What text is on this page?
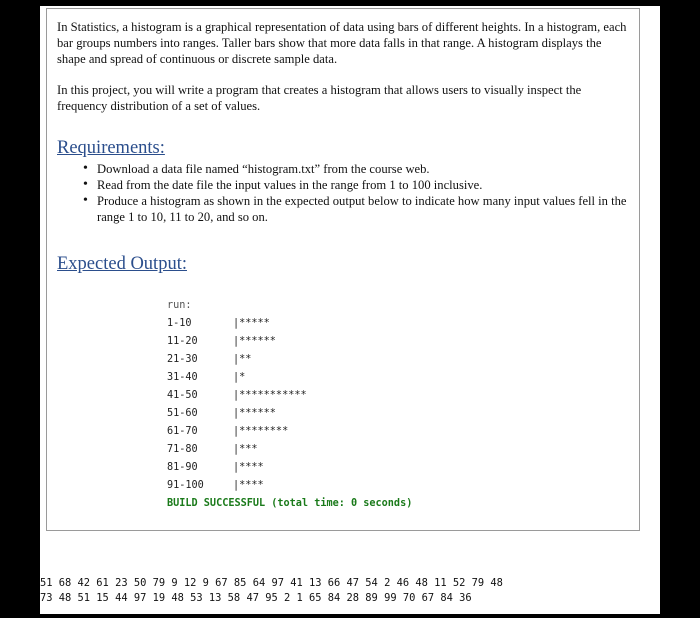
In Statistics, a histogram is a graphical representation of data using bars of different heights. In a histogram, each bar groups numbers into ranges. Taller bars show that more data falls in that range. A histogram displays the shape and spread of continuous or discrete sample data.

In this project, you will write a program that creates a histogram that allows users to visually inspect the frequency distribution of a set of values.

Requirements:
• Download a data file named “histogram.txt” from the course web.
• Read from the date file the input values in the range from 1 to 100 inclusive.
• Produce a histogram as shown in the expected output below to indicate how many input values fell in the range 1 to 10, 11 to 20, and so on.
Expected Output:
run:
1-10	|*****
11-20	|******
21-30	|**
31-40	|*
41-50	|***********
51-60	|******
61-70	|********
71-80	|***
81-90	|****
91-100	|****
BUILD SUCCESSFUL (total time: 0 seconds)
51 68 42 61 23 50 79 9 12 9 67 85 64 97 41 13 66 47 54 2 46 48 11 52 79 48
73 48 51 15 44 97 19 48 53 13 58 47 95 2 1 65 84 28 89 99 70 67 84 36
